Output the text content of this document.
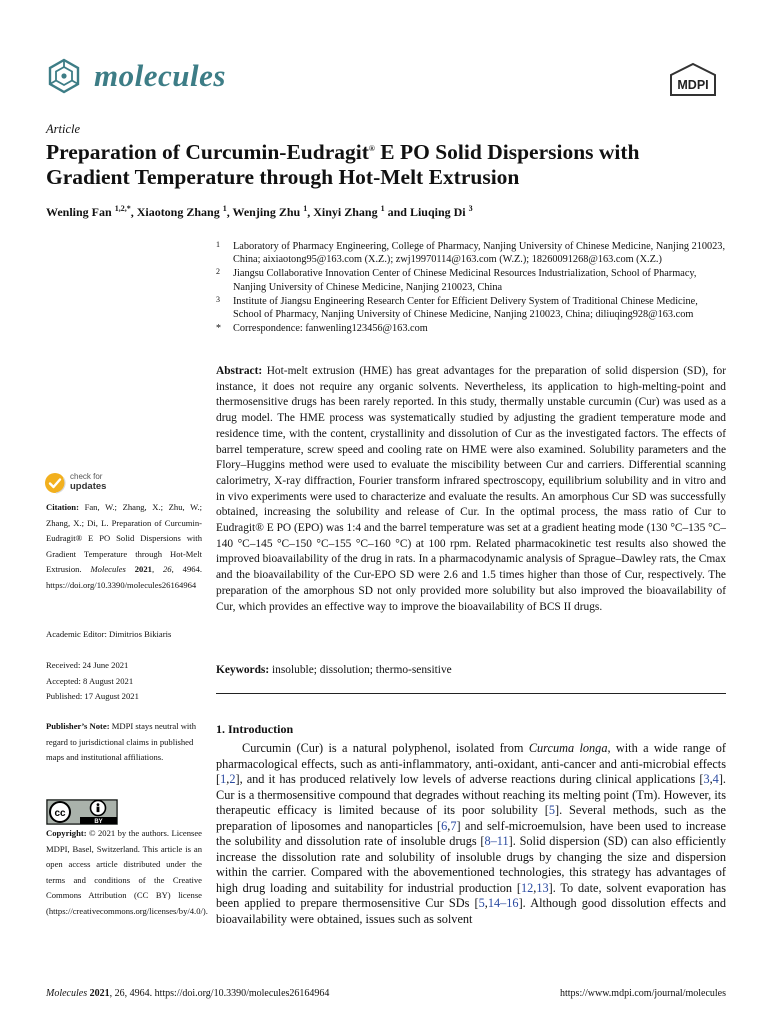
molecules	MDPI
Article
Preparation of Curcumin-Eudragit® E PO Solid Dispersions with Gradient Temperature through Hot-Melt Extrusion
Wenling Fan $^{1,2,*}$, Xiaotong Zhang $^1$, Wenjing Zhu $^1$, Xinyi Zhang $^1$ and Liuqing Di $^3$
1 Laboratory of Pharmacy Engineering, College of Pharmacy, Nanjing University of Chinese Medicine, Nanjing 210023, China; aixiaotong95@163.com (X.Z.); zwj19970114@163.com (W.Z.); 18260091268@163.com (X.Z.)
2 Jiangsu Collaborative Innovation Center of Chinese Medicinal Resources Industrialization, School of Pharmacy, Nanjing University of Chinese Medicine, Nanjing 210023, China
3 Institute of Jiangsu Engineering Research Center for Efficient Delivery System of Traditional Chinese Medicine, School of Pharmacy, Nanjing University of Chinese Medicine, Nanjing 210023, China; diliuqing928@163.com
* Correspondence: fanwenling123456@163.com
Abstract: Hot-melt extrusion (HME) has great advantages for the preparation of solid dispersion (SD), for instance, it does not require any organic solvents. Nevertheless, its application to high-melting-point and thermosensitive drugs has been rarely reported. In this study, thermally unstable curcumin (Cur) was used as a drug model. The HME process was systematically studied by adjusting the gradient temperature mode and residence time, with the content, crystallinity and dissolution of Cur as the investigated factors. The effects of barrel temperature, screw speed and cooling rate on HME were also examined. Solubility parameters and the Flory–Huggins method were used to evaluate the miscibility between Cur and carriers. Differential scanning calorimetry, X-ray diffraction, Fourier transform infrared spectroscopy, equilibrium solubility and in vitro and in vivo experiments were used to characterize and evaluate the results. An amorphous Cur SD was successfully obtained, increasing the solubility and release of Cur. In the optimal process, the mass ratio of Cur to Eudragit® E PO (EPO) was 1:4 and the barrel temperature was set at a gradient heating mode (130 °C–135 °C–140 °C–145 °C–150 °C–155 °C–160 °C) at 100 rpm. Related pharmacokinetic test results also showed the improved bioavailability of the drug in rats. In a pharmacodynamic analysis of Sprague–Dawley rats, the Cmax and the bioavailability of the Cur-EPO SD were 2.6 and 1.5 times higher than those of Cur, respectively. The preparation of the amorphous SD not only provided more solubility but also improved the bioavailability of Cur, which provides an effective way to improve the bioavailability of BCS II drugs.
Keywords: insoluble; dissolution; thermo-sensitive
1. Introduction
Curcumin (Cur) is a natural polyphenol, isolated from Curcuma longa, with a wide range of pharmacological effects, such as anti-inflammatory, anti-oxidant, anti-cancer and anti-microbial effects [1,2], and it has produced relatively low levels of adverse reactions during clinical applications [3,4]. Cur is a thermosensitive compound that degrades without reaching its melting point (Tm). However, its therapeutic efficacy is limited because of its poor solubility [5]. Several methods, such as the preparation of liposomes and nanoparticles [6,7] and self-microemulsion, have been used to increase the solubility and dissolution rate of insoluble drugs [8–11]. Solid dispersion (SD) can also efficiently increase the dissolution rate and solubility of insoluble drugs by changing the size and dispersion within the carrier. Compared with the abovementioned technologies, this strategy has advantages of high drug loading and suitability for industrial production [12,13]. To date, solvent evaporation has been applied to prepare thermosensitive Cur SDs [5,14–16]. Although good dissolution effects and bioavailability were obtained, issues such as solvent
check for
updates
Citation: Fan, W.; Zhang, X.; Zhu, W.; Zhang, X.; Di, L. Preparation of Curcumin-Eudragit® E PO Solid Dispersions with Gradient Temperature through Hot-Melt Extrusion. Molecules 2021, 26, 4964. https://doi.org/10.3390/molecules26164964
Academic Editor: Dimitrios Bikiaris
Received: 24 June 2021
Accepted: 8 August 2021
Published: 17 August 2021
Publisher’s Note: MDPI stays neutral with regard to jurisdictional claims in published maps and institutional affiliations.
cc
BY
Copyright: © 2021 by the authors. Licensee MDPI, Basel, Switzerland. This article is an open access article distributed under the terms and conditions of the Creative Commons Attribution (CC BY) license (https://creativecommons.org/licenses/by/4.0/).
Molecules 2021, 26, 4964. https://doi.org/10.3390/molecules26164964	https://www.mdpi.com/journal/molecules
